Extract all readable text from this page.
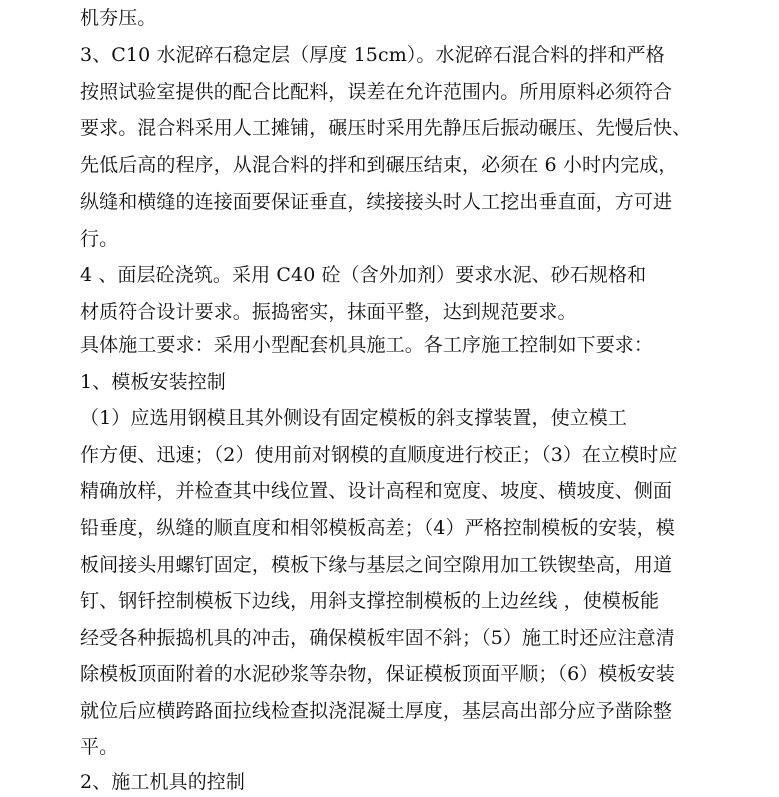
机夯压。
3、C10 水泥碎石稳定层（厚度 15cm）。水泥碎石混合料的拌和严格
按照试验室提供的配合比配料，误差在允许范围内。所用原料必须符合
要求。混合料采用人工摊铺，碾压时采用先静压后振动碾压、先慢后快、
先低后高的程序，从混合料的拌和到碾压结束，必须在 6 小时内完成，
纵缝和横缝的连接面要保证垂直，续接接头时人工挖出垂直面，方可进
行。
4 、面层砼浇筑。采用 C40 砼（含外加剂）要求水泥、砂石规格和
材质符合设计要求。振捣密实，抹面平整，达到规范要求。
具体施工要求：采用小型配套机具施工。各工序施工控制如下要求：
1、模板安装控制
（1）应选用钢模且其外侧设有固定模板的斜支撑装置，使立模工
作方便、迅速；（2）使用前对钢模的直顺度进行校正；（3）在立模时应
精确放样，并检查其中线位置、设计高程和宽度、坡度、横坡度、侧面
铅垂度，纵缝的顺直度和相邻模板高差；（4）严格控制模板的安装，模
板间接头用螺钉固定，模板下缘与基层之间空隙用加工铁锲垫高，用道
钉、钢钎控制模板下边线，用斜支撑控制模板的上边丝线 ，使模板能
经受各种振捣机具的冲击，确保模板牢固不斜；（5）施工时还应注意清
除模板顶面附着的水泥砂浆等杂物，保证模板顶面平顺；（6）模板安装
就位后应横跨路面拉线检查拟浇混凝土厚度，基层高出部分应予凿除整
平。
2、施工机具的控制
